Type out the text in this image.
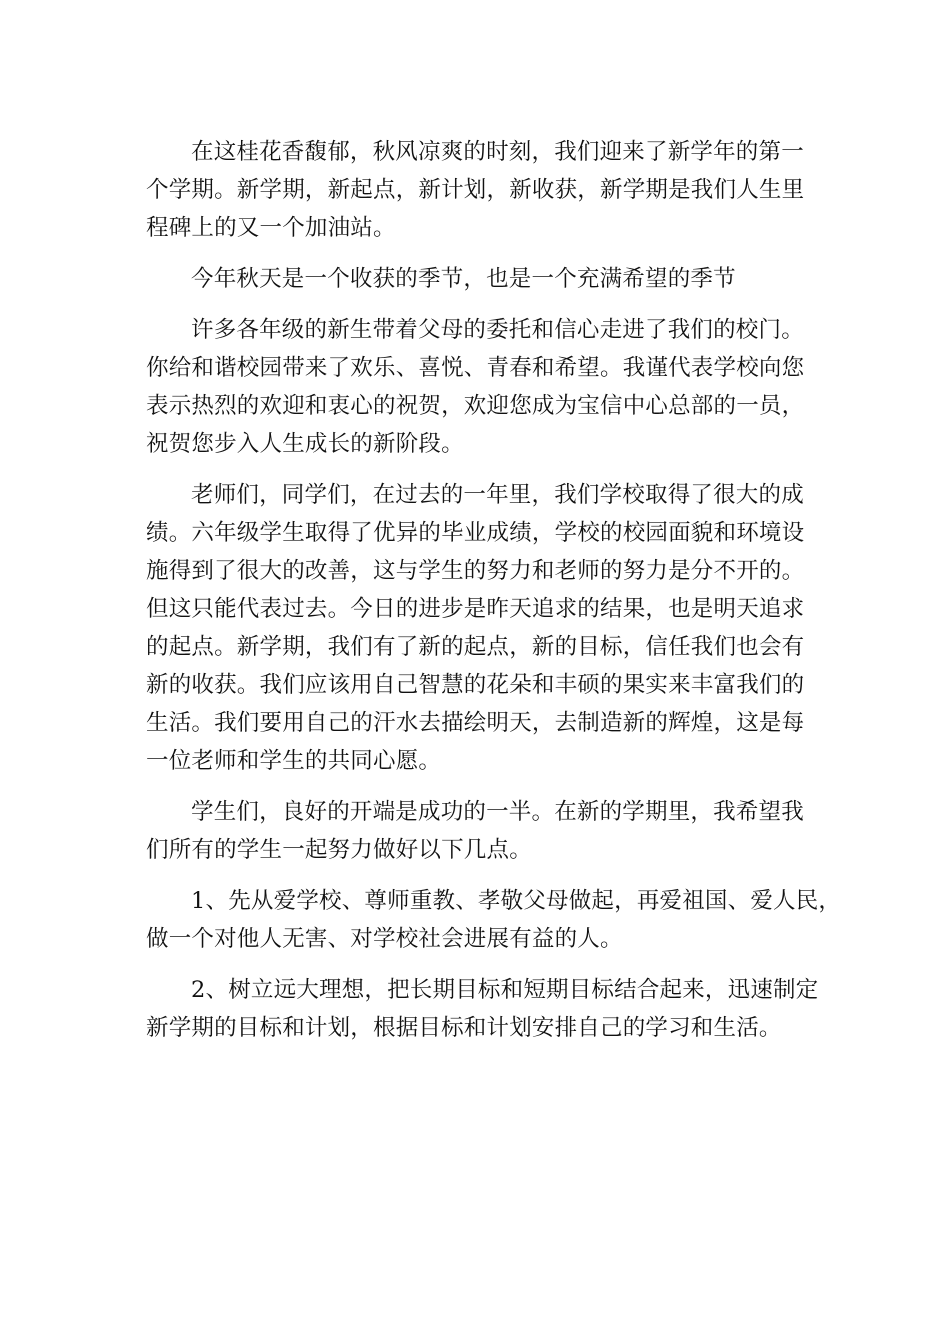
在这桂花香馥郁，秋风凉爽的时刻，我们迎来了新学年的第一
个学期。新学期，新起点，新计划，新收获，新学期是我们人生里
程碑上的又一个加油站。

今年秋天是一个收获的季节，也是一个充满希望的季节

许多各年级的新生带着父母的委托和信心走进了我们的校门。
你给和谐校园带来了欢乐、喜悦、青春和希望。我谨代表学校向您
表示热烈的欢迎和衷心的祝贺，欢迎您成为宝信中心总部的一员，
祝贺您步入人生成长的新阶段。

老师们，同学们，在过去的一年里，我们学校取得了很大的成
绩。六年级学生取得了优异的毕业成绩，学校的校园面貌和环境设
施得到了很大的改善，这与学生的努力和老师的努力是分不开的。
但这只能代表过去。今日的进步是昨天追求的结果，也是明天追求
的起点。新学期，我们有了新的起点，新的目标，信任我们也会有
新的收获。我们应该用自己智慧的花朵和丰硕的果实来丰富我们的
生活。我们要用自己的汗水去描绘明天，去制造新的辉煌，这是每
一位老师和学生的共同心愿。

学生们，良好的开端是成功的一半。在新的学期里，我希望我
们所有的学生一起努力做好以下几点。

1、先从爱学校、尊师重教、孝敬父母做起，再爱祖国、爱人民，
做一个对他人无害、对学校社会进展有益的人。

2、树立远大理想，把长期目标和短期目标结合起来，迅速制定
新学期的目标和计划，根据目标和计划安排自己的学习和生活。
